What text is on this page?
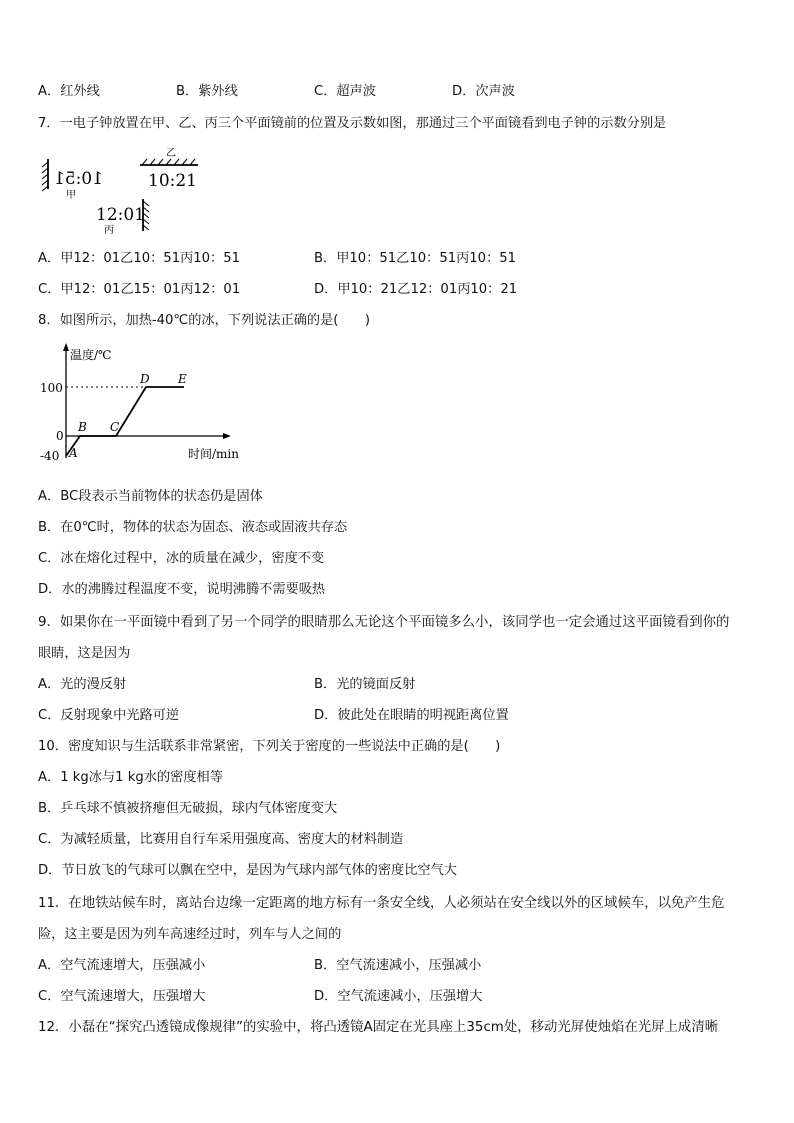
A．红外线	B．紫外线	C．超声波	D．次声波
7．一电子钟放置在甲、乙、丙三个平面镜前的位置及示数如图，那通过三个平面镜看到电子钟的示数分别是
10:51
甲
乙
10:21
12:01
丙
A．甲12：01乙10：51丙10：51	B．甲10：51乙10：51丙10：51
C．甲12：01乙15：01丙12：01	D．甲10：21乙12：01丙10：21
8．如图所示，加热-40℃的冰，下列说法正确的是(　　)
温度/℃
时间/min
100
0
-40 A
B C
D E
A．BC段表示当前物体的状态仍是固体
B．在0℃时，物体的状态为固态、液态或固液共存态
C．冰在熔化过程中，冰的质量在减少，密度不变
D．水的沸腾过程温度不变，说明沸腾不需要吸热
9．如果你在一平面镜中看到了另一个同学的眼睛那么无论这个平面镜多么小，该同学也一定会通过这平面镜看到你的
眼睛，这是因为
A．光的漫反射	B．光的镜面反射
C．反射现象中光路可逆	D．彼此处在眼睛的明视距离位置
10．密度知识与生活联系非常紧密，下列关于密度的一些说法中正确的是(　　)
A．1 kg冰与1 kg水的密度相等
B．乒乓球不慎被挤瘪但无破损，球内气体密度变大
C．为减轻质量，比赛用自行车采用强度高、密度大的材料制造
D．节日放飞的气球可以飘在空中，是因为气球内部气体的密度比空气大
11．在地铁站候车时，离站台边缘一定距离的地方标有一条安全线，人必须站在安全线以外的区域候车，以免产生危
险，这主要是因为列车高速经过时，列车与人之间的
A．空气流速增大，压强减小	B．空气流速减小，压强减小
C．空气流速增大，压强增大	D．空气流速减小，压强增大
12．小磊在“探究凸透镜成像规律”的实验中，将凸透镜A固定在光具座上35cm处，移动光屏使烛焰在光屏上成清晰
